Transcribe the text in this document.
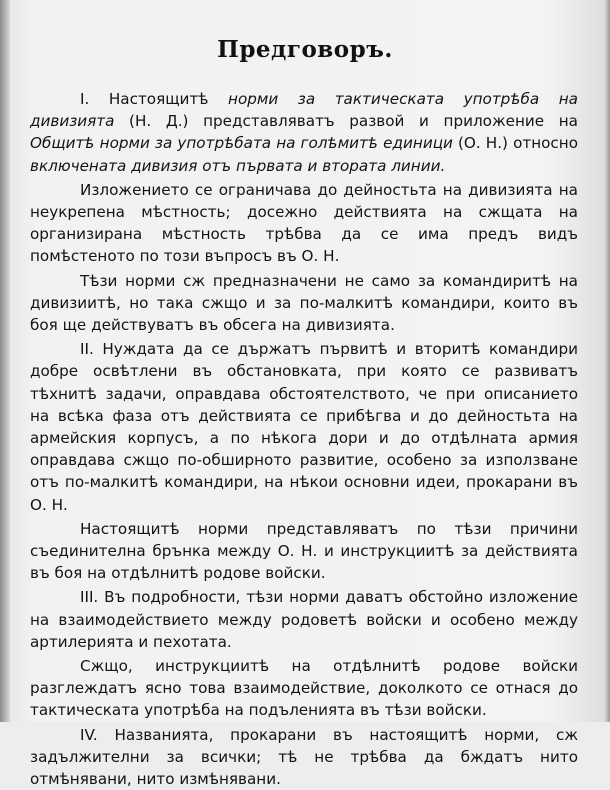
Предговоръ.

I. Настоящитѣ норми за тактическата употрѣба на дивизията (Н. Д.) представляватъ развой и приложение на Общитѣ норми за употрѣбата на голѣмитѣ единици (О. Н.) относно включената дивизия отъ първата и втората линии.

Изложението се ограничава до дейностьта на дивизията на неукрепена мѣстность; досежно действията на сжщата на организирана мѣстность трѣбва да се има предъ видъ помѣстеното по този въпросъ въ О. Н.

Тѣзи норми сж предназначени не само за командиритѣ на дивизиитѣ, но така сжщо и за по-малкитѣ командири, които въ боя ще действуватъ въ обсега на дивизията.

II. Нуждата да се държатъ първитѣ и вторитѣ командири добре освѣтлени въ обстановката, при която се развиватъ тѣхнитѣ задачи, оправдава обстоятелството, че при описанието на всѣка фаза отъ действията се прибѣгва и до дейностьта на армейския корпусъ, а по нѣкога дори и до отдѣлната армия оправдава сжщо по-обширното развитие, особено за използване отъ по-малкитѣ командири, на нѣкои основни идеи, прокарани въ О. Н.

Настоящитѣ норми представляватъ по тѣзи причини съединителна брънка между О. Н. и инструкциитѣ за действията въ боя на отдѣлнитѣ родове войски.

III. Въ подробности, тѣзи норми даватъ обстойно изложение на взаимодействието между родоветѣ войски и особено между артилерията и пехотата.

Сжщо, инструкциитѣ на отдѣлнитѣ родове войски разглеждатъ ясно това взаимодействие, доколкото се отнася до тактическата употрѣба на подъленията въ тѣзи войски.

IV. Названията, прокарани въ настоящитѣ норми, сж задължителни за всички; тѣ не трѣбва да бждатъ нито отмѣнявани, нито измѣнявани.
